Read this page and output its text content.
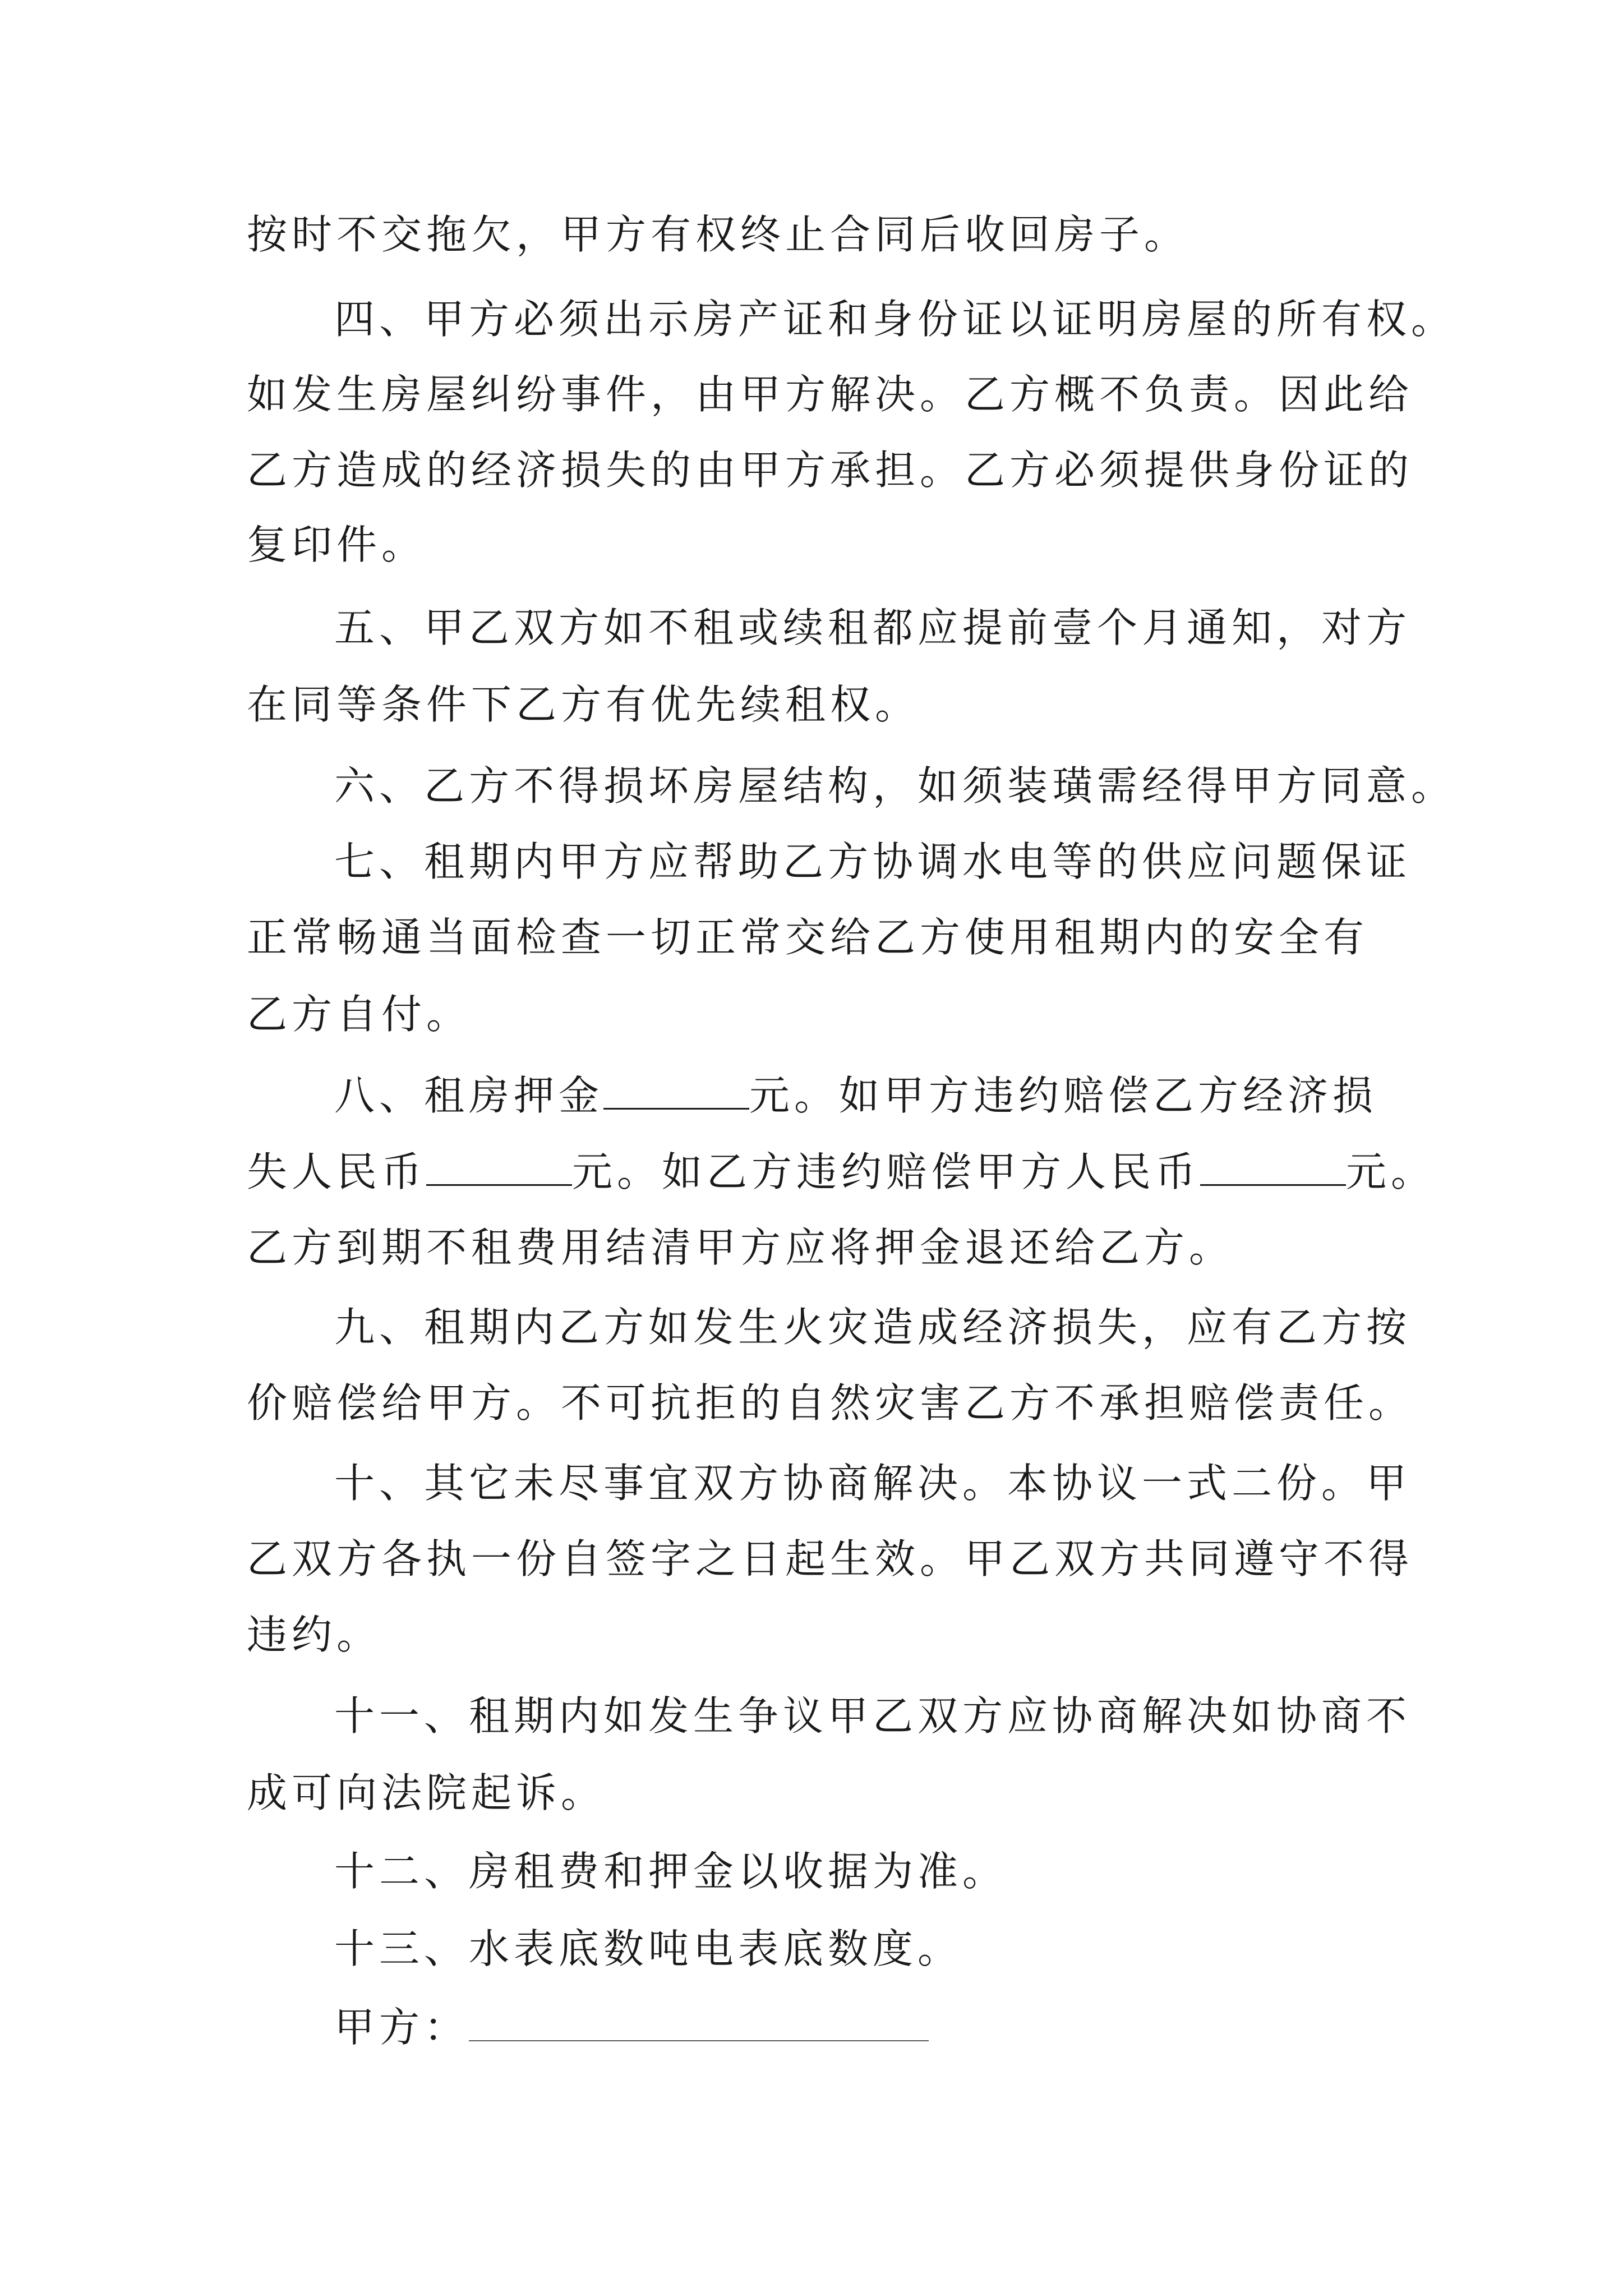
按时不交拖欠，甲方有权终止合同后收回房子。
四、甲方必须出示房产证和身份证以证明房屋的所有权。
如发生房屋纠纷事件，由甲方解决。乙方概不负责。因此给
乙方造成的经济损失的由甲方承担。乙方必须提供身份证的
复印件。
五、甲乙双方如不租或续租都应提前壹个月通知，对方
在同等条件下乙方有优先续租权。
六、乙方不得损坏房屋结构，如须装璜需经得甲方同意。
七、租期内甲方应帮助乙方协调水电等的供应问题保证
正常畅通当面检查一切正常交给乙方使用租期内的安全有
乙方自付。
八、租房押金	元。如甲方违约赔偿乙方经济损
失人民币	元。如乙方违约赔偿甲方人民币	元。
乙方到期不租费用结清甲方应将押金退还给乙方。
九、租期内乙方如发生火灾造成经济损失，应有乙方按
价赔偿给甲方。不可抗拒的自然灾害乙方不承担赔偿责任。
十、其它未尽事宜双方协商解决。本协议一式二份。甲
乙双方各执一份自签字之日起生效。甲乙双方共同遵守不得
违约。
十一、租期内如发生争议甲乙双方应协商解决如协商不
成可向法院起诉。
十二、房租费和押金以收据为准。
十三、水表底数吨电表底数度。
甲方：
